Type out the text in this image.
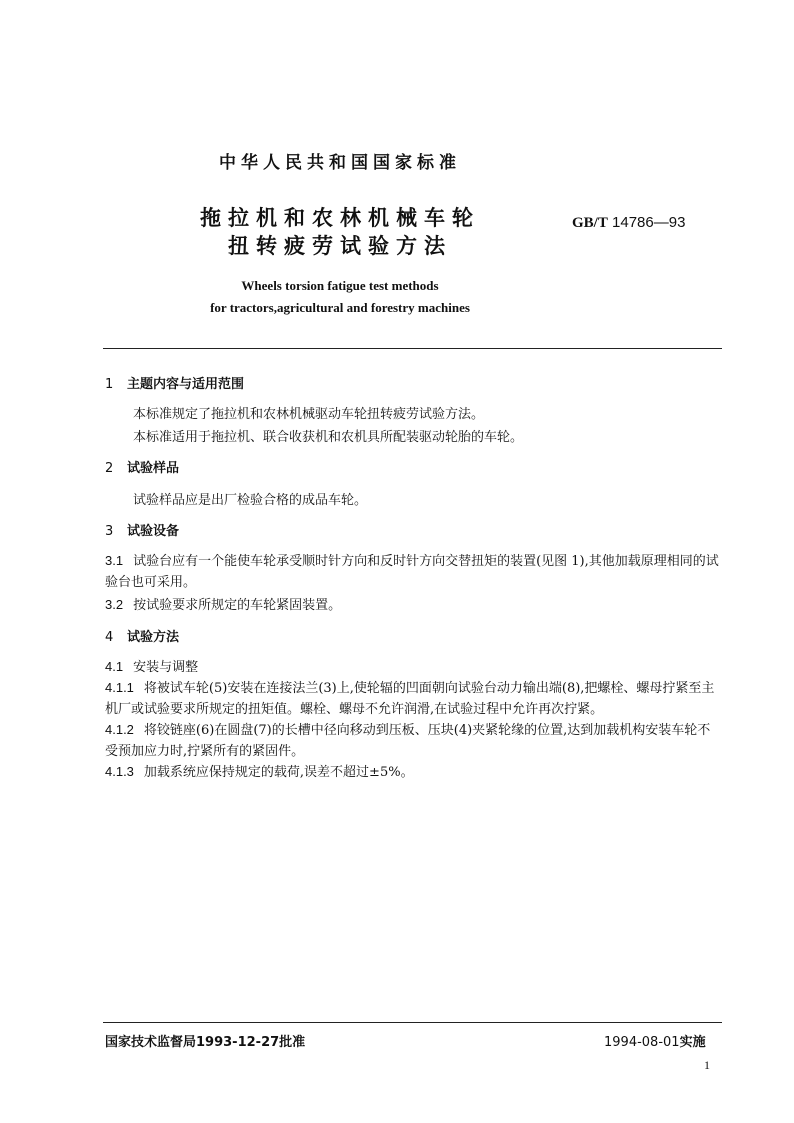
中华人民共和国国家标准
拖拉机和农林机械车轮
扭转疲劳试验方法
GB/T 14786—93
Wheels torsion fatigue test methods
for tractors,agricultural and forestry machines
1 主题内容与适用范围
本标准规定了拖拉机和农林机械驱动车轮扭转疲劳试验方法。
本标准适用于拖拉机、联合收获机和农机具所配装驱动轮胎的车轮。
2 试验样品
试验样品应是出厂检验合格的成品车轮。
3 试验设备
3.1 试验台应有一个能使车轮承受顺时针方向和反时针方向交替扭矩的装置(见图 1),其他加载原理相同的试验台也可采用。
3.2 按试验要求所规定的车轮紧固装置。
4 试验方法
4.1 安装与调整
4.1.1 将被试车轮(5)安装在连接法兰(3)上,使轮辐的凹面朝向试验台动力输出端(8),把螺栓、螺母拧紧至主机厂或试验要求所规定的扭矩值。螺栓、螺母不允许润滑,在试验过程中允许再次拧紧。
4.1.2 将铰链座(6)在圆盘(7)的长槽中径向移动到压板、压块(4)夹紧轮缘的位置,达到加载机构安装车轮不受预加应力时,拧紧所有的紧固件。
4.1.3 加载系统应保持规定的载荷,误差不超过±5%。
国家技术监督局1993-12-27批准	1994-08-01实施
1
